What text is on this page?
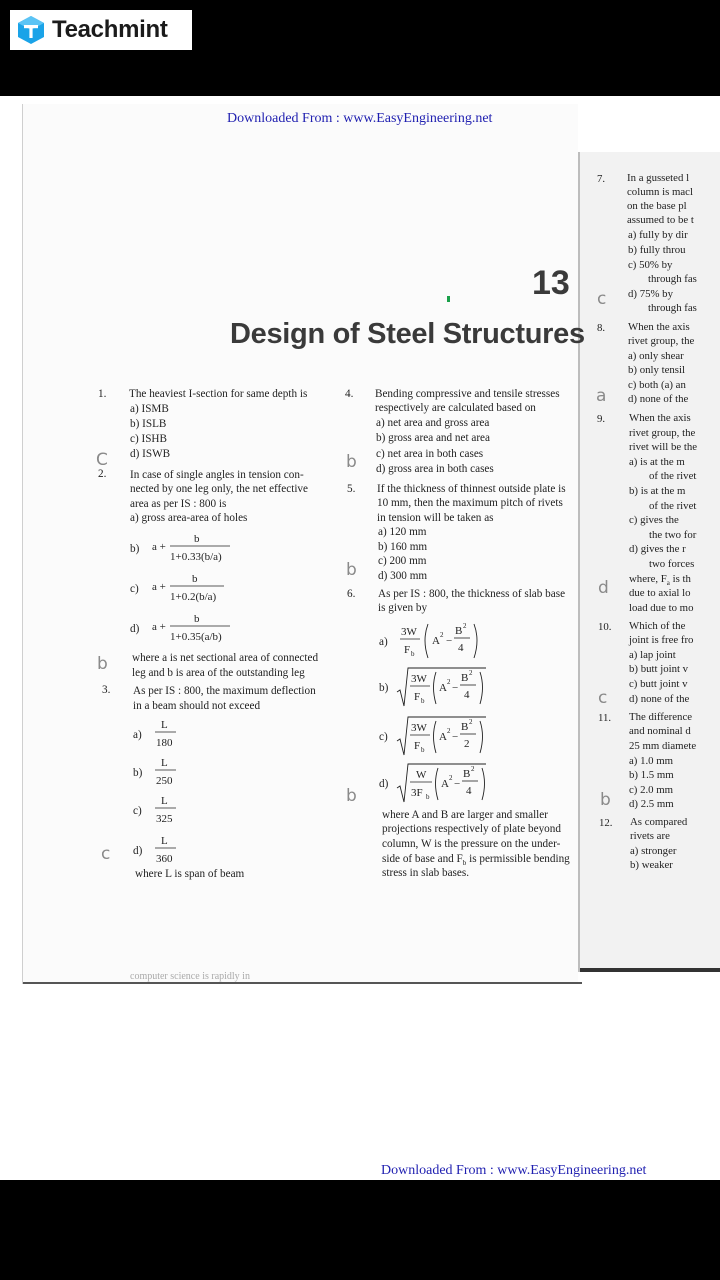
Teachmint
Downloaded From : www.EasyEngineering.net
13
Design of Steel Structures
1. The heaviest I-section for same depth is
a) ISMB
b) ISLB
c) ISHB
d) ISWB
C
2. In case of single angles in tension con-
nected by one leg only, the net effective
area as per IS : 800 is
a) gross area-area of holes
b) a +
b
1+0.33(b/a)
c) a +
b
1+0.2(b/a)
d) a +
b
1+0.35(a/b)
where a is net sectional area of connected
leg and b is area of the outstanding leg
b
3. As per IS : 800, the maximum deflection
in a beam should not exceed
a)
L
180
b)
L
250
c)
L
325
d)
L
360
where L is span of beam
c
4. Bending compressive and tensile stresses
respectively are calculated based on
a) net area and gross area
b) gross area and net area
c) net area in both cases
d) gross area in both cases
b
5. If the thickness of thinnest outside plate is
10 mm, then the maximum pitch of rivets
in tension will be taken as
a) 120 mm
b) 160 mm
c) 200 mm
d) 300 mm
b
6. As per IS : 800, the thickness of slab base
is given by
a)
3W
F b
A 2 −
B 2
4
b)
3W
F b
A 2 −
B 2
4
c)
3W
F b
A 2 −
B 2
2
d)
W
3F b
A 2 −
B 2
4
b
where A and B are larger and smaller
projections respectively of plate beyond
column, W is the pressure on the under-
side of base and $F_b$ is permissible bending
stress in slab bases.
computer science is rapidly in
7. In a gusseted l
column is macl
on the base pl
assumed to be t
a) fully by dir
b) fully throu
c) 50% by
through fas
d) 75% by
through fas
c
8. When the axis
rivet group, the
a) only shear
b) only tensil
c) both (a) an
d) none of the
a
9. When the axis
rivet group, the
rivet will be the
a) is at the m
of the rivet
b) is at the m
of the rivet
c) gives the
the two for
d) gives the r
two forces
where, $F_a$ is th
due to axial lo
load due to mo
d
10. Which of the
joint is free fro
a) lap joint
b) butt joint v
c) butt joint v
d) none of the
c
11. The difference
and nominal d
25 mm diamete
a) 1.0 mm
b) 1.5 mm
c) 2.0 mm
d) 2.5 mm
b
12. As compared
rivets are
a) stronger
b) weaker
Downloaded From : www.EasyEngineering.net
